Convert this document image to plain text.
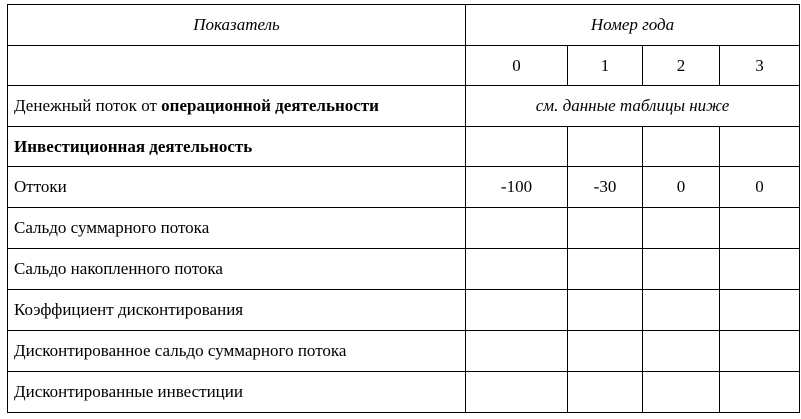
Показатель	Номер года			
	0	1	2	3
Денежный поток от операционной деятельности	см. данные таблицы ниже			
Инвестиционная деятельность				
Оттоки	-100	-30	0	0
Сальдо суммарного потока				
Сальдо накопленного потока				
Коэффициент дисконтирования				
Дисконтированное сальдо суммарного потока				
Дисконтированные инвестиции				
